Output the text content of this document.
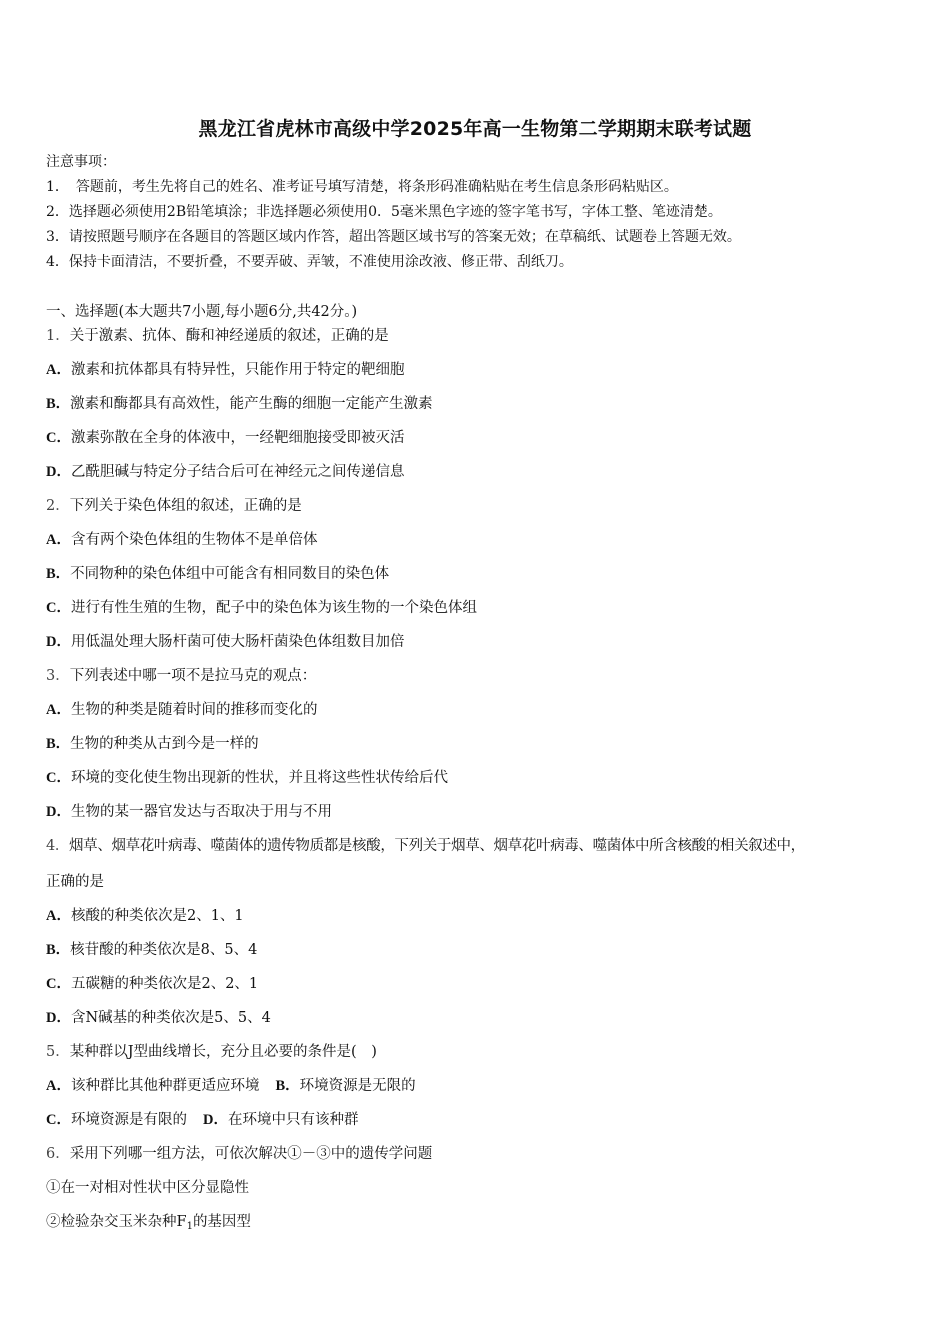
黑龙江省虎林市高级中学2025年高一生物第二学期期末联考试题
注意事项：
1．　答题前，考生先将自己的姓名、准考证号填写清楚，将条形码准确粘贴在考生信息条形码粘贴区。
2．选择题必须使用2B铅笔填涂；非选择题必须使用0．5毫米黑色字迹的签字笔书写，字体工整、笔迹清楚。
3．请按照题号顺序在各题目的答题区域内作答，超出答题区域书写的答案无效；在草稿纸、试题卷上答题无效。
4．保持卡面清洁，不要折叠，不要弄破、弄皱，不准使用涂改液、修正带、刮纸刀。
一、选择题(本大题共7小题,每小题6分,共42分。)
1．关于激素、抗体、酶和神经递质的叙述，正确的是
A．激素和抗体都具有特异性，只能作用于特定的靶细胞
B．激素和酶都具有高效性，能产生酶的细胞一定能产生激素
C．激素弥散在全身的体液中，一经靶细胞接受即被灭活
D．乙酰胆碱与特定分子结合后可在神经元之间传递信息
2．下列关于染色体组的叙述，正确的是
A．含有两个染色体组的生物体不是单倍体
B．不同物种的染色体组中可能含有相同数目的染色体
C．进行有性生殖的生物，配子中的染色体为该生物的一个染色体组
D．用低温处理大肠杆菌可使大肠杆菌染色体组数目加倍
3．下列表述中哪一项不是拉马克的观点：
A．生物的种类是随着时间的推移而变化的
B．生物的种类从古到今是一样的
C．环境的变化使生物出现新的性状，并且将这些性状传给后代
D．生物的某一器官发达与否取决于用与不用
4．烟草、烟草花叶病毒、噬菌体的遗传物质都是核酸，下列关于烟草、烟草花叶病毒、噬菌体中所含核酸的相关叙述中，
正确的是
A．核酸的种类依次是2、1、1
B．核苷酸的种类依次是8、5、4
C．五碳糖的种类依次是2、2、1
D．含N碱基的种类依次是5、5、4
5．某种群以J型曲线增长，充分且必要的条件是(　)
A．该种群比其他种群更适应环境 B．环境资源是无限的
C．环境资源是有限的 D．在环境中只有该种群
6．采用下列哪一组方法，可依次解决①－③中的遗传学问题
①在一对相对性状中区分显隐性
②检验杂交玉米杂种$F_1$的基因型
